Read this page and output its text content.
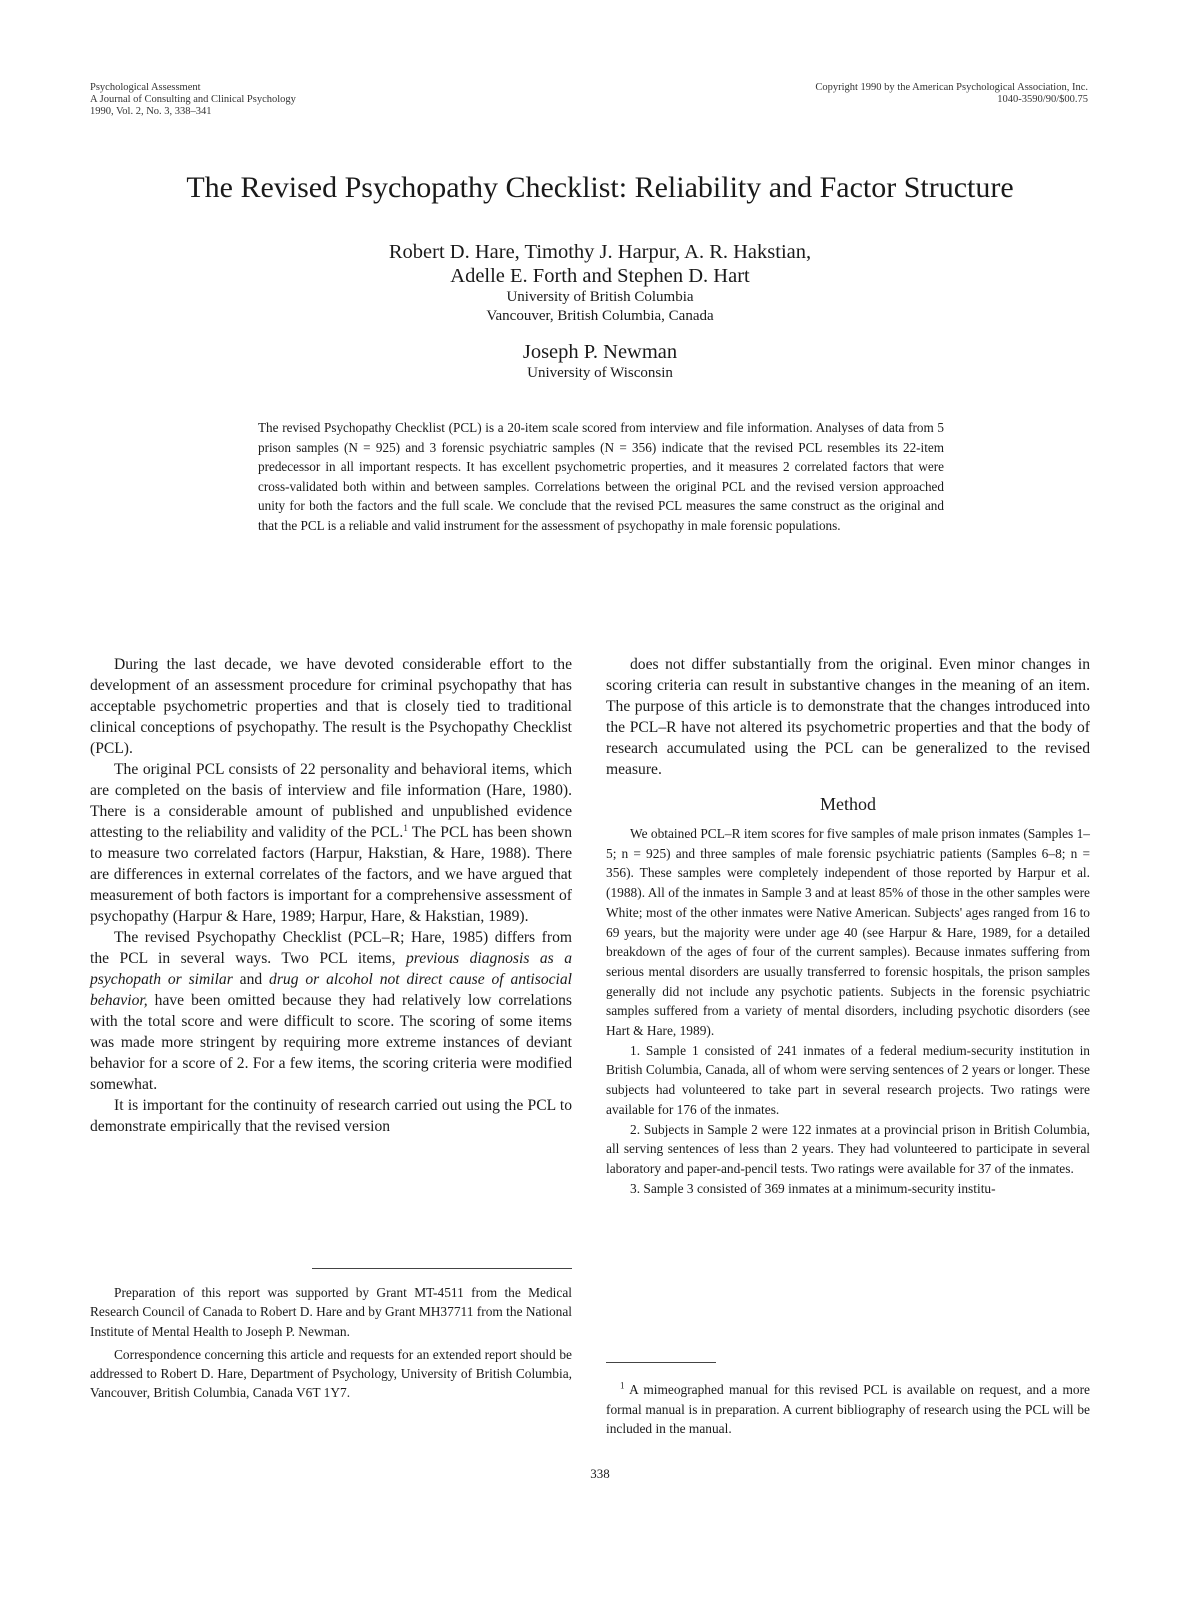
Psychological Assessment
A Journal of Consulting and Clinical Psychology
1990, Vol. 2, No. 3, 338–341
Copyright 1990 by the American Psychological Association, Inc.
1040-3590/90/$00.75
The Revised Psychopathy Checklist: Reliability and Factor Structure
Robert D. Hare, Timothy J. Harpur, A. R. Hakstian,
Adelle E. Forth and Stephen D. Hart
University of British Columbia
Vancouver, British Columbia, Canada
Joseph P. Newman
University of Wisconsin
The revised Psychopathy Checklist (PCL) is a 20-item scale scored from interview and file information. Analyses of data from 5 prison samples (N = 925) and 3 forensic psychiatric samples (N = 356) indicate that the revised PCL resembles its 22-item predecessor in all important respects. It has excellent psychometric properties, and it measures 2 correlated factors that were cross-validated both within and between samples. Correlations between the original PCL and the revised version approached unity for both the factors and the full scale. We conclude that the revised PCL measures the same construct as the original and that the PCL is a reliable and valid instrument for the assessment of psychopathy in male forensic populations.

During the last decade, we have devoted considerable effort to the development of an assessment procedure for criminal psychopathy that has acceptable psychometric properties and that is closely tied to traditional clinical conceptions of psychopathy. The result is the Psychopathy Checklist (PCL).

The original PCL consists of 22 personality and behavioral items, which are completed on the basis of interview and file information (Hare, 1980). There is a considerable amount of published and unpublished evidence attesting to the reliability and validity of the PCL.$^1$ The PCL has been shown to measure two correlated factors (Harpur, Hakstian, & Hare, 1988). There are differences in external correlates of the factors, and we have argued that measurement of both factors is important for a comprehensive assessment of psychopathy (Harpur & Hare, 1989; Harpur, Hare, & Hakstian, 1989).

The revised Psychopathy Checklist (PCL–R; Hare, 1985) differs from the PCL in several ways. Two PCL items, previous diagnosis as a psychopath or similar and drug or alcohol not direct cause of antisocial behavior, have been omitted because they had relatively low correlations with the total score and were difficult to score. The scoring of some items was made more stringent by requiring more extreme instances of deviant behavior for a score of 2. For a few items, the scoring criteria were modified somewhat.

It is important for the continuity of research carried out using the PCL to demonstrate empirically that the revised version

does not differ substantially from the original. Even minor changes in scoring criteria can result in substantive changes in the meaning of an item. The purpose of this article is to demonstrate that the changes introduced into the PCL–R have not altered its psychometric properties and that the body of research accumulated using the PCL can be generalized to the revised measure.

Method

We obtained PCL–R item scores for five samples of male prison inmates (Samples 1–5; n = 925) and three samples of male forensic psychiatric patients (Samples 6–8; n = 356). These samples were completely independent of those reported by Harpur et al. (1988). All of the inmates in Sample 3 and at least 85% of those in the other samples were White; most of the other inmates were Native American. Subjects' ages ranged from 16 to 69 years, but the majority were under age 40 (see Harpur & Hare, 1989, for a detailed breakdown of the ages of four of the current samples). Because inmates suffering from serious mental disorders are usually transferred to forensic hospitals, the prison samples generally did not include any psychotic patients. Subjects in the forensic psychiatric samples suffered from a variety of mental disorders, including psychotic disorders (see Hart & Hare, 1989).

1. Sample 1 consisted of 241 inmates of a federal medium-security institution in British Columbia, Canada, all of whom were serving sentences of 2 years or longer. These subjects had volunteered to take part in several research projects. Two ratings were available for 176 of the inmates.

2. Subjects in Sample 2 were 122 inmates at a provincial prison in British Columbia, all serving sentences of less than 2 years. They had volunteered to participate in several laboratory and paper-and-pencil tests. Two ratings were available for 37 of the inmates.

3. Sample 3 consisted of 369 inmates at a minimum-security institu-

Preparation of this report was supported by Grant MT-4511 from the Medical Research Council of Canada to Robert D. Hare and by Grant MH37711 from the National Institute of Mental Health to Joseph P. Newman.

Correspondence concerning this article and requests for an extended report should be addressed to Robert D. Hare, Department of Psychology, University of British Columbia, Vancouver, British Columbia, Canada V6T 1Y7.	$^1$ A mimeographed manual for this revised PCL is available on request, and a more formal manual is in preparation. A current bibliography of research using the PCL will be included in the manual.

338
